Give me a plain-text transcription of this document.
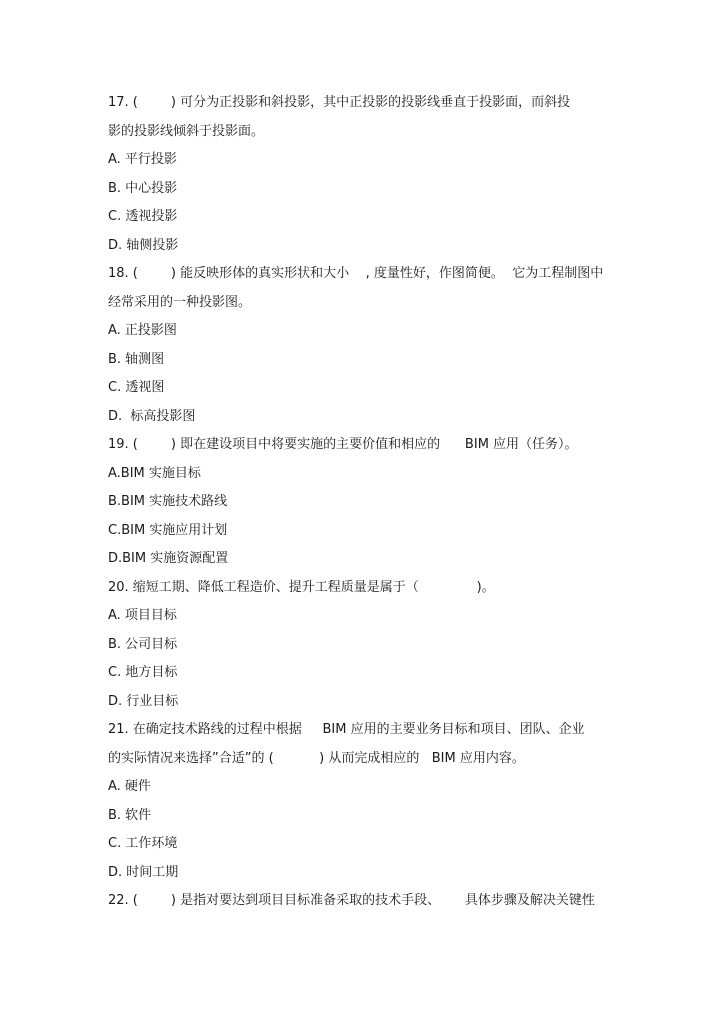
17. (        ) 可分为正投影和斜投影，其中正投影的投影线垂直于投影面，而斜投
影的投影线倾斜于投影面。
A. 平行投影
B. 中心投影
C. 透视投影
D. 轴侧投影
18. (        ) 能反映形体的真实形状和大小    , 度量性好，作图简便。  它为工程制图中
经常采用的一种投影图。
A. 正投影图
B. 轴测图
C. 透视图
D.  标高投影图
19. (        ) 即在建设项目中将要实施的主要价值和相应的      BIM 应用（任务）。
A.BIM 实施目标
B.BIM 实施技术路线
C.BIM 实施应用计划
D.BIM 实施资源配置
20. 缩短工期、降低工程造价、提升工程质量是属于（              )。
A. 项目目标
B. 公司目标
C. 地方目标
D. 行业目标
21. 在确定技术路线的过程中根据     BIM 应用的主要业务目标和项目、团队、企业
的实际情况来选择”合适”的 (           ) 从而完成相应的   BIM 应用内容。
A. 硬件
B. 软件
C. 工作环境
D. 时间工期
22. (        ) 是指对要达到项目目标准备采取的技术手段、      具体步骤及解决关键性
